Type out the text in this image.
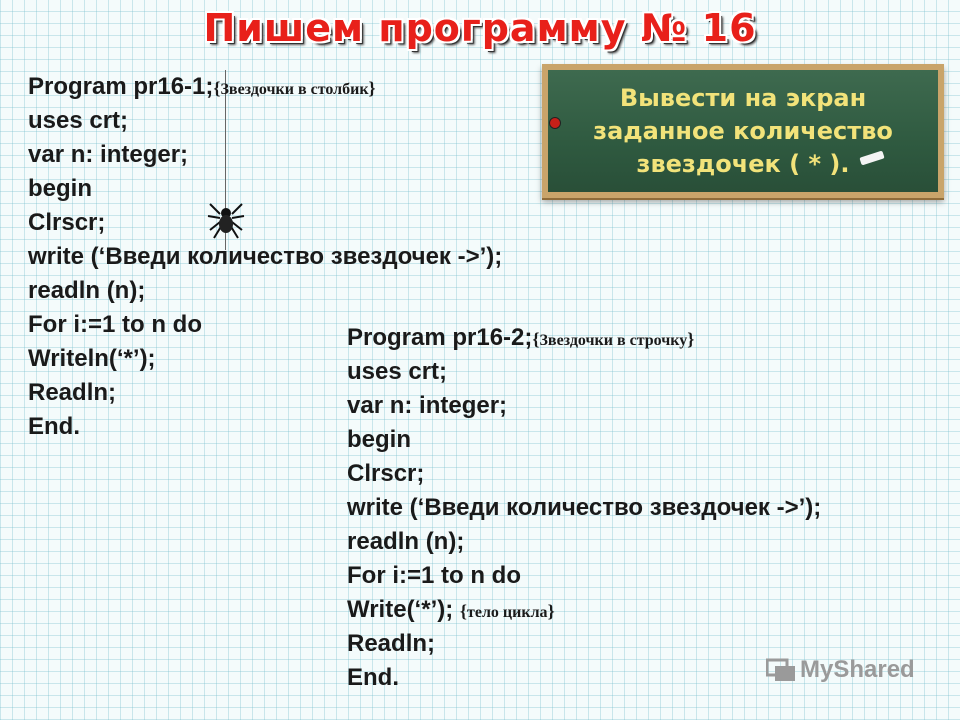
Пишем программу № 16
Program pr16-1;{Звездочки в столбик}
uses crt;
var n: integer;
begin
Clrscr;
write (‘Введи количество звездочек ->’);
readln (n);
For i:=1 to n do
Writeln(‘*’);
Readln;
End.
Program pr16-2;{Звездочки в строчку}
uses crt;
var n: integer;
begin
Clrscr;
write (‘Введи количество звездочек ->’);
readln (n);
For i:=1 to n do
Write(‘*’); {тело цикла}
Readln;
End.
Вывести на экран
заданное количество
звездочек ( * ).
MyShared
